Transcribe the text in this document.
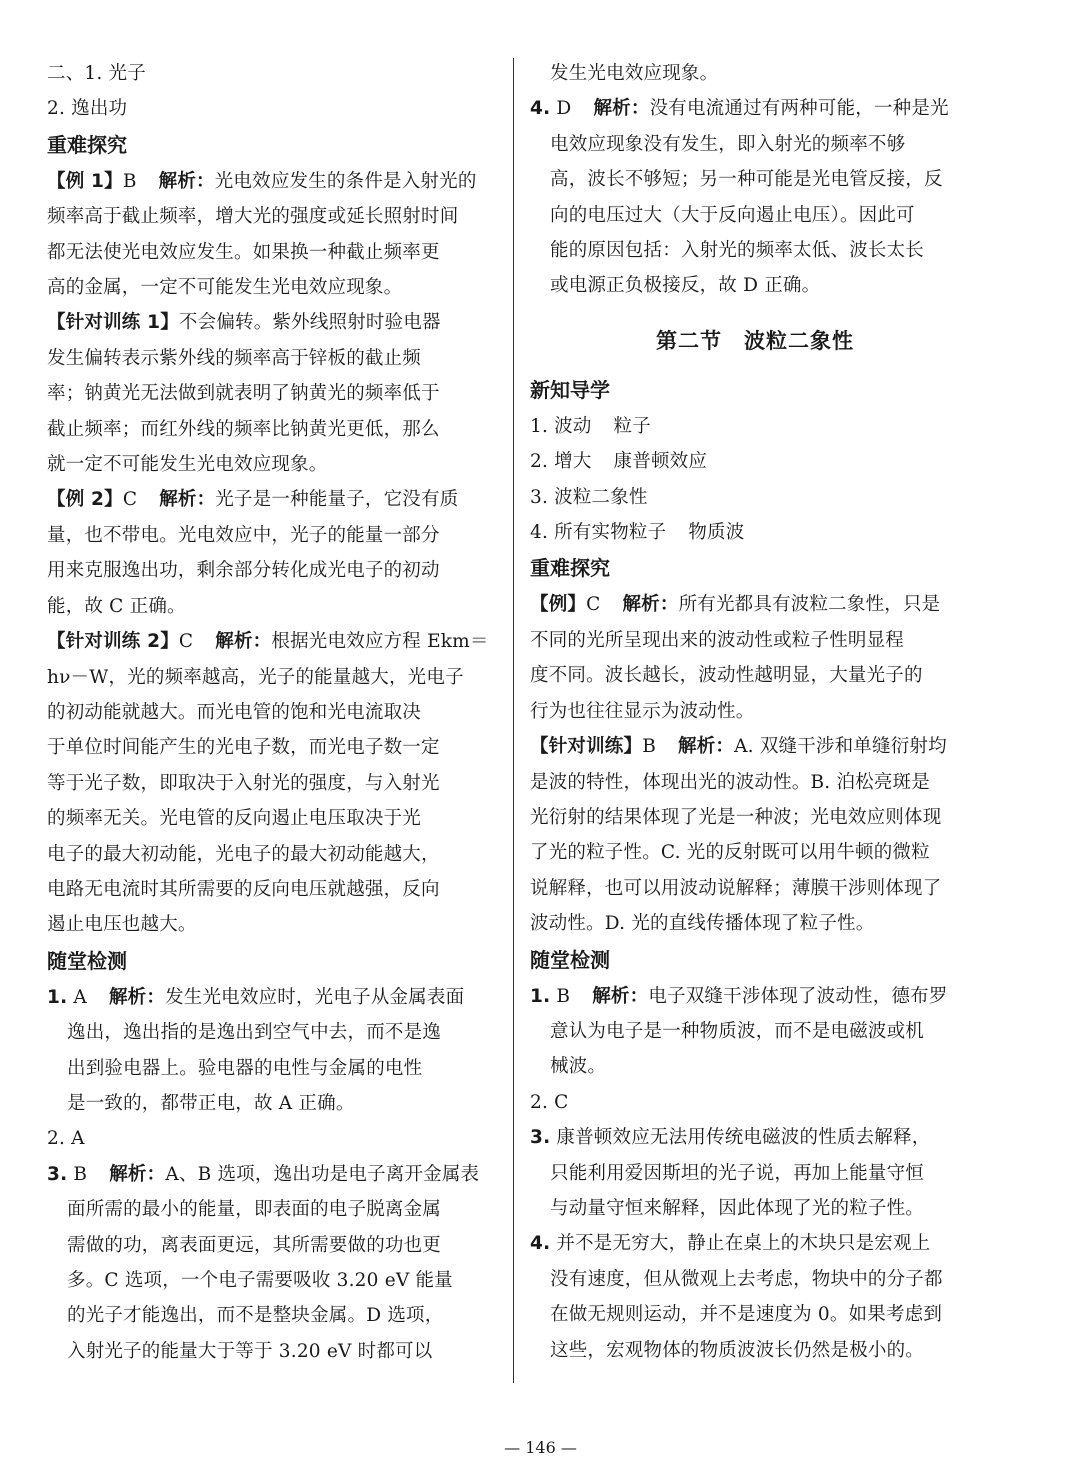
二、1. 光子
2. 逸出功
重难探究
【例 1】B 解析：光电效应发生的条件是入射光的
频率高于截止频率，增大光的强度或延长照射时间
都无法使光电效应发生。如果换一种截止频率更
高的金属，一定不可能发生光电效应现象。
【针对训练 1】不会偏转。紫外线照射时验电器
发生偏转表示紫外线的频率高于锌板的截止频
率；钠黄光无法做到就表明了钠黄光的频率低于
截止频率；而红外线的频率比钠黄光更低，那么
就一定不可能发生光电效应现象。
【例 2】C 解析：光子是一种能量子，它没有质
量，也不带电。光电效应中，光子的能量一部分
用来克服逸出功，剩余部分转化成光电子的初动
能，故 C 正确。
【针对训练 2】C 解析：根据光电效应方程 Ekm＝
hν－W，光的频率越高，光子的能量越大，光电子
的初动能就越大。而光电管的饱和光电流取决
于单位时间能产生的光电子数，而光电子数一定
等于光子数，即取决于入射光的强度，与入射光
的频率无关。光电管的反向遏止电压取决于光
电子的最大初动能，光电子的最大初动能越大，
电路无电流时其所需要的反向电压就越强，反向
遏止电压也越大。
随堂检测
1. A 解析：发生光电效应时，光电子从金属表面
逸出，逸出指的是逸出到空气中去，而不是逸
出到验电器上。验电器的电性与金属的电性
是一致的，都带正电，故 A 正确。
2. A
3. B 解析：A、B 选项，逸出功是电子离开金属表
面所需的最小的能量，即表面的电子脱离金属
需做的功，离表面更远，其所需要做的功也更
多。C 选项，一个电子需要吸收 3.20 eV 能量
的光子才能逸出，而不是整块金属。D 选项，
入射光子的能量大于等于 3.20 eV 时都可以
发生光电效应现象。
4. D 解析：没有电流通过有两种可能，一种是光
电效应现象没有发生，即入射光的频率不够
高，波长不够短；另一种可能是光电管反接，反
向的电压过大（大于反向遏止电压）。因此可
能的原因包括：入射光的频率太低、波长太长
或电源正负极接反，故 D 正确。
第二节　波粒二象性
新知导学
1. 波动 粒子
2. 增大 康普顿效应
3. 波粒二象性
4. 所有实物粒子 物质波
重难探究
【例】C 解析：所有光都具有波粒二象性，只是
不同的光所呈现出来的波动性或粒子性明显程
度不同。波长越长，波动性越明显，大量光子的
行为也往往显示为波动性。
【针对训练】B 解析：A. 双缝干涉和单缝衍射均
是波的特性，体现出光的波动性。B. 泊松亮斑是
光衍射的结果体现了光是一种波；光电效应则体现
了光的粒子性。C. 光的反射既可以用牛顿的微粒
说解释，也可以用波动说解释；薄膜干涉则体现了
波动性。D. 光的直线传播体现了粒子性。
随堂检测
1. B 解析：电子双缝干涉体现了波动性，德布罗
意认为电子是一种物质波，而不是电磁波或机
械波。
2. C
3. 康普顿效应无法用传统电磁波的性质去解释，
只能利用爱因斯坦的光子说，再加上能量守恒
与动量守恒来解释，因此体现了光的粒子性。
4. 并不是无穷大，静止在桌上的木块只是宏观上
没有速度，但从微观上去考虑，物块中的分子都
在做无规则运动，并不是速度为 0。如果考虑到
这些，宏观物体的物质波波长仍然是极小的。
— 146 —
